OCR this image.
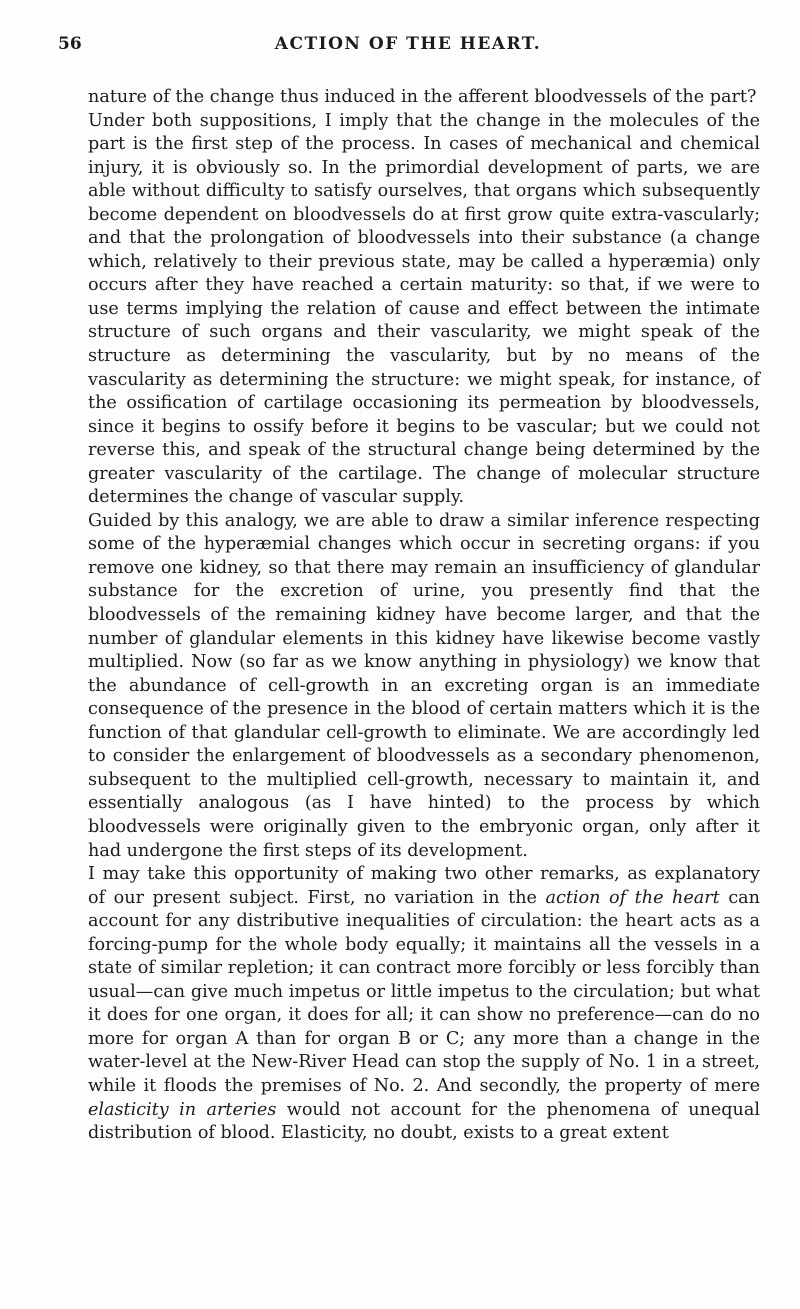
56	ACTION OF THE HEART.

nature of the change thus induced in the afferent bloodvessels of the part?

Under both suppositions, I imply that the change in the molecules of the part is the first step of the process. In cases of mechanical and chemical injury, it is obviously so. In the primordial development of parts, we are able without difficulty to satisfy ourselves, that organs which subsequently become dependent on bloodvessels do at first grow quite extra-vascularly; and that the prolongation of bloodvessels into their substance (a change which, relatively to their previous state, may be called a hyperæmia) only occurs after they have reached a certain maturity: so that, if we were to use terms implying the relation of cause and effect between the intimate structure of such organs and their vascularity, we might speak of the structure as determining the vascularity, but by no means of the vascularity as determining the structure: we might speak, for instance, of the ossification of cartilage occasioning its permeation by bloodvessels, since it begins to ossify before it begins to be vascular; but we could not reverse this, and speak of the structural change being determined by the greater vascularity of the cartilage. The change of molecular structure determines the change of vascular supply.

Guided by this analogy, we are able to draw a similar inference respecting some of the hyperæmial changes which occur in secreting organs: if you remove one kidney, so that there may remain an insufficiency of glandular substance for the excretion of urine, you presently find that the bloodvessels of the remaining kidney have become larger, and that the number of glandular elements in this kidney have likewise become vastly multiplied. Now (so far as we know anything in physiology) we know that the abundance of cell-growth in an excreting organ is an immediate consequence of the presence in the blood of certain matters which it is the function of that glandular cell-growth to eliminate. We are accordingly led to consider the enlargement of bloodvessels as a secondary phenomenon, subsequent to the multiplied cell-growth, necessary to maintain it, and essentially analogous (as I have hinted) to the process by which bloodvessels were originally given to the embryonic organ, only after it had undergone the first steps of its development.

I may take this opportunity of making two other remarks, as explanatory of our present subject. First, no variation in the action of the heart can account for any distributive inequalities of circulation: the heart acts as a forcing-pump for the whole body equally; it maintains all the vessels in a state of similar repletion; it can contract more forcibly or less forcibly than usual—can give much impetus or little impetus to the circulation; but what it does for one organ, it does for all; it can show no preference—can do no more for organ A than for organ B or C; any more than a change in the water-level at the New-River Head can stop the supply of No. 1 in a street, while it floods the premises of No. 2. And secondly, the property of mere elasticity in arteries would not account for the phenomena of unequal distribution of blood. Elasticity, no doubt, exists to a great extent
